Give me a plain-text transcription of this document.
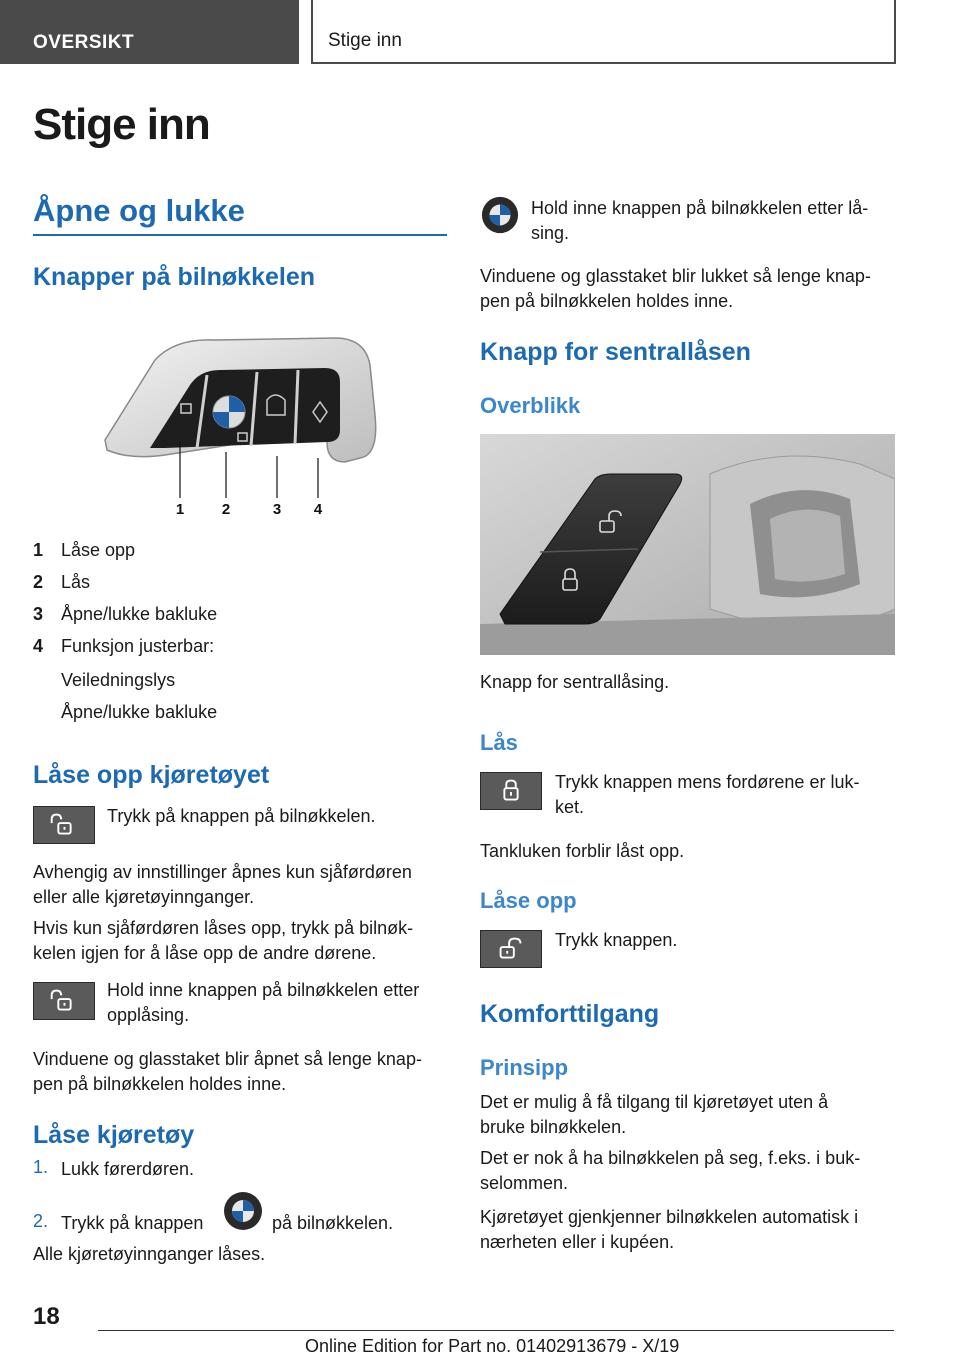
OVERSIKT	Stige inn
Stige inn
Åpne og lukke
Knapper på bilnøkkelen
1	2	3 4
1 Låse opp
2 Lås
3 Åpne/lukke bakluke
4 Funksjon justerbar:
Veiledningslys
Åpne/lukke bakluke
Låse opp kjøretøyet
Trykk på knappen på bilnøkkelen.
Avhengig av innstillinger åpnes kun sjåførdøren
eller alle kjøretøyinnganger.
Hvis kun sjåførdøren låses opp, trykk på bilnøk-
kelen igjen for å låse opp de andre dørene.
Hold inne knappen på bilnøkkelen etter
opplåsing.
Vinduene og glasstaket blir åpnet så lenge knap-
pen på bilnøkkelen holdes inne.
Låse kjøretøy
1. Lukk førerdøren.
2. Trykk på knappen	på bilnøkkelen.
Alle kjøretøyinnganger låses.
Hold inne knappen på bilnøkkelen etter lå-
sing.
Vinduene og glasstaket blir lukket så lenge knap-
pen på bilnøkkelen holdes inne.
Knapp for sentrallåsen
Overblikk
Knapp for sentrallåsing.
Lås
Trykk knappen mens fordørene er luk-
ket.
Tankluken forblir låst opp.
Låse opp
Trykk knappen.
Komforttilgang
Prinsipp
Det er mulig å få tilgang til kjøretøyet uten å
bruke bilnøkkelen.
Det er nok å ha bilnøkkelen på seg, f.eks. i buk-
selommen.
Kjøretøyet gjenkjenner bilnøkkelen automatisk i
nærheten eller i kupéen.
18
Online Edition for Part no. 01402913679 - X/19
